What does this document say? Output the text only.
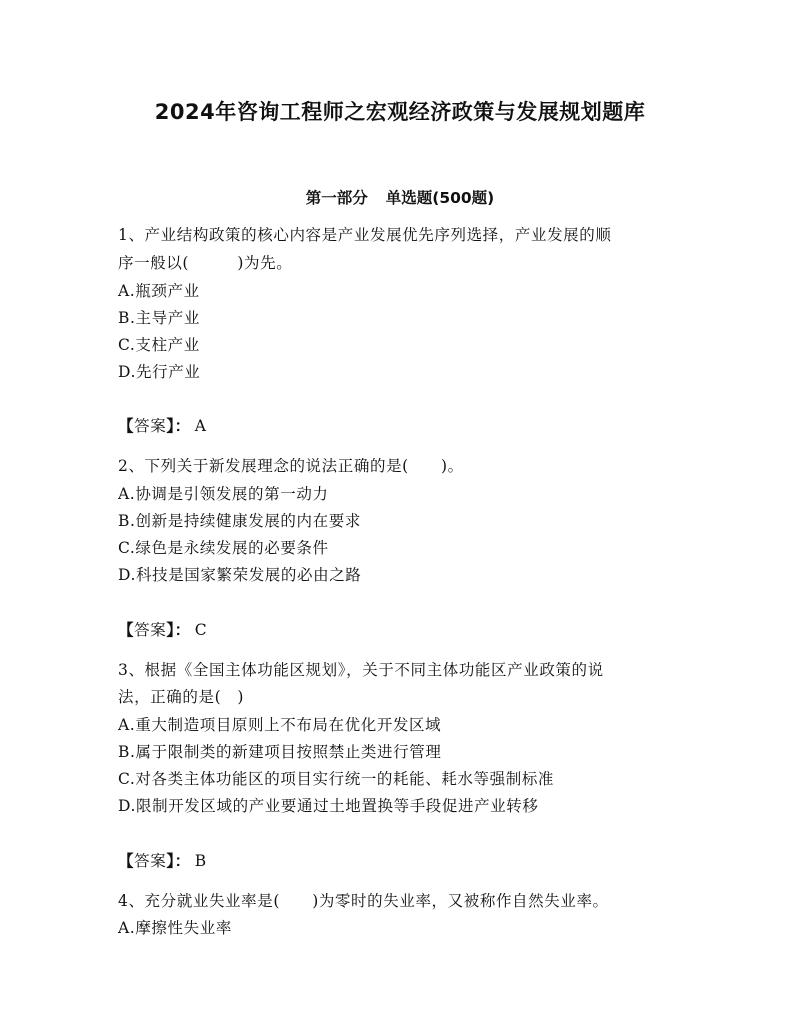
2024年咨询工程师之宏观经济政策与发展规划题库
第一部分 单选题(500题)
1、产业结构政策的核心内容是产业发展优先序列选择，产业发展的顺
序一般以(　　　)为先。
A.瓶颈产业
B.主导产业
C.支柱产业
D.先行产业
【答案】： A
2、下列关于新发展理念的说法正确的是(　　)。
A.协调是引领发展的第一动力
B.创新是持续健康发展的内在要求
C.绿色是永续发展的必要条件
D.科技是国家繁荣发展的必由之路
【答案】： C
3、根据《全国主体功能区规划》，关于不同主体功能区产业政策的说
法，正确的是(　)
A.重大制造项目原则上不布局在优化开发区域
B.属于限制类的新建项目按照禁止类进行管理
C.对各类主体功能区的项目实行统一的耗能、耗水等强制标准
D.限制开发区域的产业要通过土地置换等手段促进产业转移
【答案】： B
4、充分就业失业率是(　　)为零时的失业率，又被称作自然失业率。
A.摩擦性失业率
